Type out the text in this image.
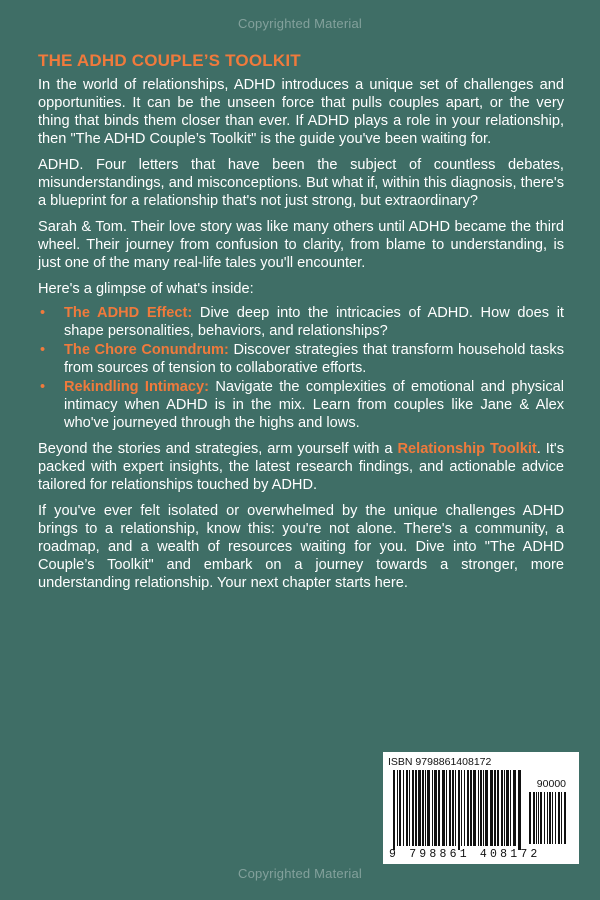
Copyrighted Material
THE ADHD COUPLE’S TOOLKIT

In the world of relationships, ADHD introduces a unique set of challenges and opportunities. It can be the unseen force that pulls couples apart, or the very thing that binds them closer than ever. If ADHD plays a role in your relationship, then "The ADHD Couple’s Toolkit" is the guide you've been waiting for.

ADHD. Four letters that have been the subject of countless debates, misunderstandings, and misconceptions. But what if, within this diagnosis, there's a blueprint for a relationship that's not just strong, but extraordinary?

Sarah & Tom. Their love story was like many others until ADHD became the third wheel. Their journey from confusion to clarity, from blame to understanding, is just one of the many real-life tales you'll encounter.

Here's a glimpse of what's inside:

• The ADHD Effect: Dive deep into the intricacies of ADHD. How does it shape personalities, behaviors, and relationships?
• The Chore Conundrum: Discover strategies that transform household tasks from sources of tension to collaborative efforts.
• Rekindling Intimacy: Navigate the complexities of emotional and physical intimacy when ADHD is in the mix. Learn from couples like Jane & Alex who've journeyed through the highs and lows.

Beyond the stories and strategies, arm yourself with a Relationship Toolkit. It's packed with expert insights, the latest research findings, and actionable advice tailored for relationships touched by ADHD.

If you've ever felt isolated or overwhelmed by the unique challenges ADHD brings to a relationship, know this: you're not alone. There's a community, a roadmap, and a wealth of resources waiting for you. Dive into "The ADHD Couple’s Toolkit" and embark on a journey towards a stronger, more understanding relationship. Your next chapter starts here.

ISBN 9798861408172
90000
9 798861 408172
Copyrighted Material
